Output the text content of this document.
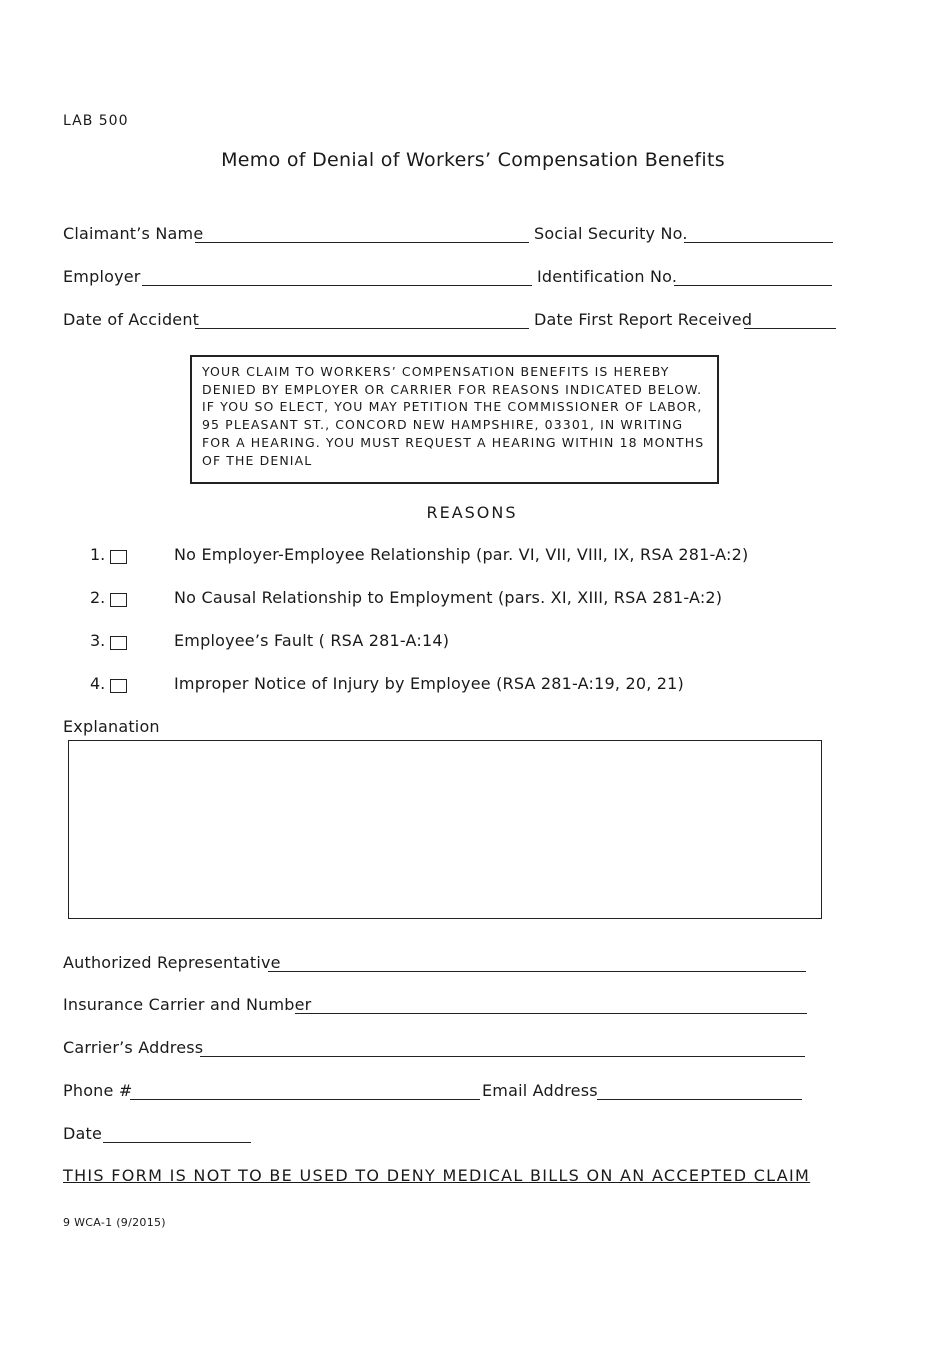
LAB 500
Memo of Denial of Workers’ Compensation Benefits
Claimant’s Name	Social Security No.
Employer	Identification No.
Date of Accident	Date First Report Received
YOUR CLAIM TO WORKERS’ COMPENSATION BENEFITS IS HEREBY DENIED BY EMPLOYER OR CARRIER FOR REASONS INDICATED BELOW. IF YOU SO ELECT, YOU MAY PETITION THE COMMISSIONER OF LABOR, 95 PLEASANT ST., CONCORD NEW HAMPSHIRE, 03301, IN WRITING FOR A HEARING. YOU MUST REQUEST A HEARING WITHIN 18 MONTHS OF THE DENIAL
REASONS
1.	No Employer-Employee Relationship (par. VI, VII, VIII, IX, RSA 281-A:2)
2.	No Causal Relationship to Employment (pars. XI, XIII, RSA 281-A:2)
3.	Employee’s Fault ( RSA 281-A:14)
4.	Improper Notice of Injury by Employee (RSA 281-A:19, 20, 21)
Explanation
Authorized Representative
Insurance Carrier and Number
Carrier’s Address
Phone #	Email Address
Date
THIS FORM IS NOT TO BE USED TO DENY MEDICAL BILLS ON AN ACCEPTED CLAIM
9 WCA-1 (9/2015)
